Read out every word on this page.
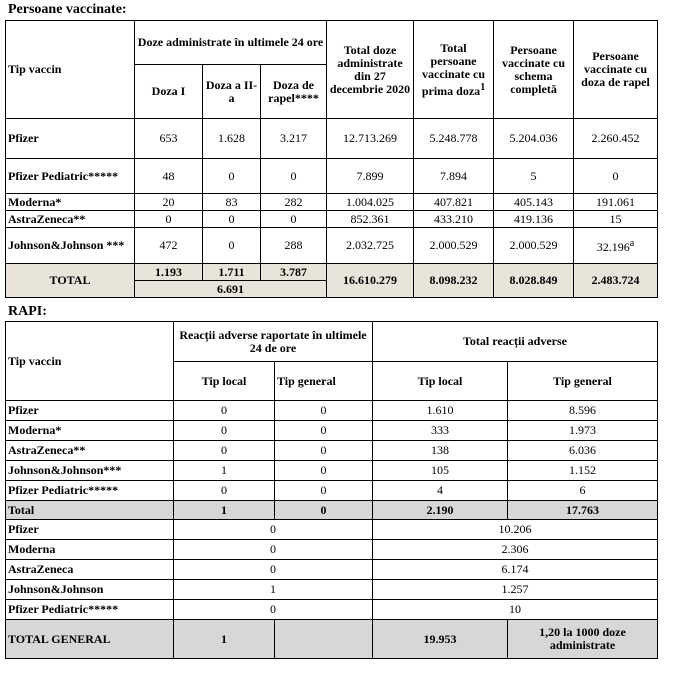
Persoane vaccinate:
Tip vaccin	Doze administrate în ultimele 24 ore			Total doze administrate din 27 decembrie 2020	Total persoane vaccinate cu prima doza$^1$	Persoane vaccinate cu schema completă	Persoane vaccinate cu doza de rapel
	Doza I	Doza a II-a	Doza de rapel****				
Pfizer	653	1.628	3.217	12.713.269	5.248.778	5.204.036	2.260.452
Pfizer Pediatric*****	48	0	0	7.899	7.894	5	0
Moderna*	20	83	282	1.004.025	407.821	405.143	191.061
AstraZeneca**	0	0	0	852.361	433.210	419.136	15
Johnson&Johnson ***	472	0	288	2.032.725	2.000.529	2.000.529	32.196$^a$
TOTAL	1.193	1.711	3.787	16.610.279	8.098.232	8.028.849	2.483.724
	6.691						
RAPI:
Tip vaccin	Reacții adverse raportate în ultimele 24 de ore		Total reacții adverse	
	Tip local	Tip general	Tip local	Tip general
Pfizer	0	0	1.610	8.596
Moderna*	0	0	333	1.973
AstraZeneca**	0	0	138	6.036
Johnson&Johnson***	1	0	105	1.152
Pfizer Pediatric*****	0	0	4	6
Total	1	0	2.190	17.763
Pfizer	0		10.206	
Moderna	0		2.306	
AstraZeneca	0		6.174	
Johnson&Johnson	1		1.257	
Pfizer Pediatric*****	0		10	
TOTAL GENERAL	1		19.953	1,20 la 1000 doze administrate
